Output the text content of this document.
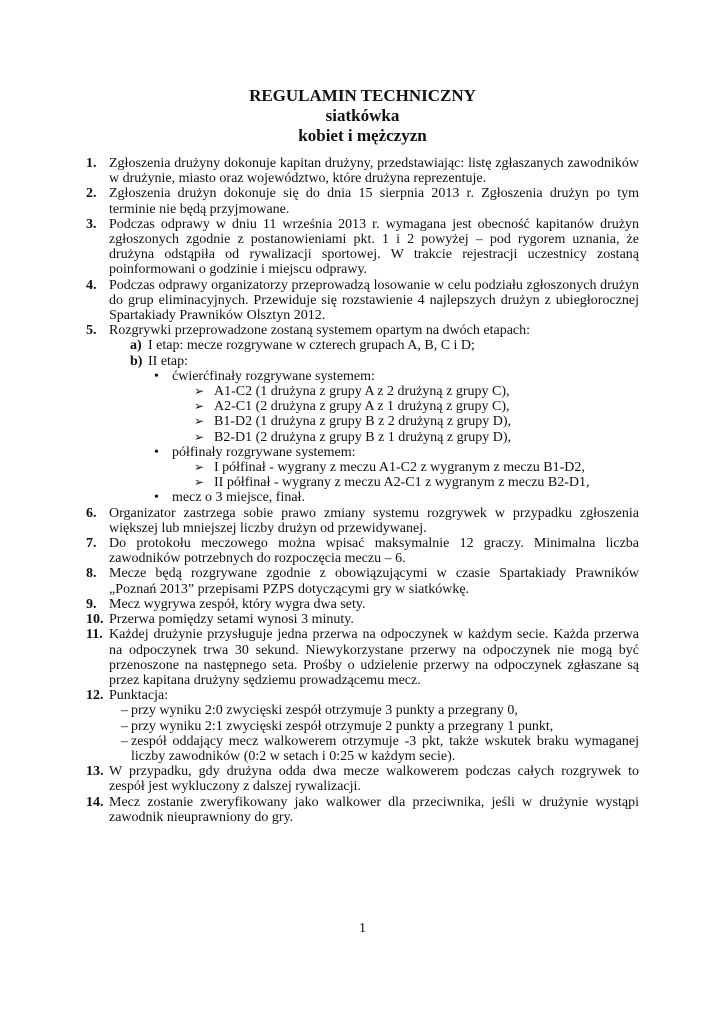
REGULAMIN TECHNICZNY
siatkówka
kobiet i mężczyzn
1. Zgłoszenia drużyny dokonuje kapitan drużyny, przedstawiając: listę zgłaszanych zawodników w drużynie, miasto oraz województwo, które drużyna reprezentuje.
2. Zgłoszenia drużyn dokonuje się do dnia 15 sierpnia 2013 r. Zgłoszenia drużyn po tym terminie nie będą przyjmowane.
3. Podczas odprawy w dniu 11 września 2013 r. wymagana jest obecność kapitanów drużyn zgłoszonych zgodnie z postanowieniami pkt. 1 i 2 powyżej – pod rygorem uznania, że drużyna odstąpiła od rywalizacji sportowej. W trakcie rejestracji uczestnicy zostaną poinformowani o godzinie i miejscu odprawy.
4. Podczas odprawy organizatorzy przeprowadzą losowanie w celu podziału zgłoszonych drużyn do grup eliminacyjnych. Przewiduje się rozstawienie 4 najlepszych drużyn z ubiegłorocznej Spartakiady Prawników Olsztyn 2012.
5. Rozgrywki przeprowadzone zostaną systemem opartym na dwóch etapach:
a) I etap: mecze rozgrywane w czterech grupach A, B, C i D;
b) II etap:
• ćwierćfinały rozgrywane systemem:
➢ A1-C2 (1 drużyna z grupy A z 2 drużyną z grupy C),
➢ A2-C1 (2 drużyna z grupy A z 1 drużyną z grupy C),
➢ B1-D2 (1 drużyna z grupy B z 2 drużyną z grupy D),
➢ B2-D1 (2 drużyna z grupy B z 1 drużyną z grupy D),
• półfinały rozgrywane systemem:
➢ I półfinał - wygrany z meczu A1-C2 z wygranym z meczu B1-D2,
➢ II półfinał - wygrany z meczu A2-C1 z wygranym z meczu B2-D1,
• mecz o 3 miejsce, finał.
6. Organizator zastrzega sobie prawo zmiany systemu rozgrywek w przypadku zgłoszenia większej lub mniejszej liczby drużyn od przewidywanej.
7. Do protokołu meczowego można wpisać maksymalnie 12 graczy. Minimalna liczba zawodników potrzebnych do rozpoczęcia meczu – 6.
8. Mecze będą rozgrywane zgodnie z obowiązującymi w czasie Spartakiady Prawników „Poznań 2013” przepisami PZPS dotyczącymi gry w siatkówkę.
9. Mecz wygrywa zespół, który wygra dwa sety.
10. Przerwa pomiędzy setami wynosi 3 minuty.
11. Każdej drużynie przysługuje jedna przerwa na odpoczynek w każdym secie. Każda przerwa na odpoczynek trwa 30 sekund. Niewykorzystane przerwy na odpoczynek nie mogą być przenoszone na następnego seta. Prośby o udzielenie przerwy na odpoczynek zgłaszane są przez kapitana drużyny sędziemu prowadzącemu mecz.
12. Punktacja:
– przy wyniku 2:0 zwycięski zespół otrzymuje 3 punkty a przegrany 0,
– przy wyniku 2:1 zwycięski zespół otrzymuje 2 punkty a przegrany 1 punkt,
– zespół oddający mecz walkowerem otrzymuje -3 pkt, także wskutek braku wymaganej liczby zawodników (0:2 w setach i 0:25 w każdym secie).
13. W przypadku, gdy drużyna odda dwa mecze walkowerem podczas całych rozgrywek to zespół jest wykluczony z dalszej rywalizacji.
14. Mecz zostanie zweryfikowany jako walkower dla przeciwnika, jeśli w drużynie wystąpi zawodnik nieuprawniony do gry.
1
